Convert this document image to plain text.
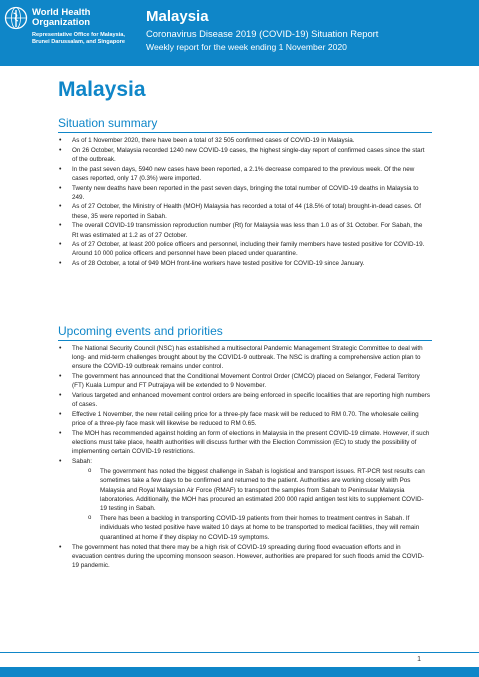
World Health Organization
Representative Office for Malaysia, Brunei Darussalam, and Singapore
Malaysia
Coronavirus Disease 2019 (COVID-19) Situation Report
Weekly report for the week ending 1 November 2020
Malaysia
Situation summary
• As of 1 November 2020, there have been a total of 32 505 confirmed cases of COVID-19 in Malaysia.
• On 26 October, Malaysia recorded 1240 new COVID-19 cases, the highest single-day report of confirmed cases since the start of the outbreak.
• In the past seven days, 5940 new cases have been reported, a 2.1% decrease compared to the previous week. Of the new cases reported, only 17 (0.3%) were imported.
• Twenty new deaths have been reported in the past seven days, bringing the total number of COVID-19 deaths in Malaysia to 249.
• As of 27 October, the Ministry of Health (MOH) Malaysia has recorded a total of 44 (18.5% of total) brought-in-dead cases. Of these, 35 were reported in Sabah.
• The overall COVID-19 transmission reproduction number (Rt) for Malaysia was less than 1.0 as of 31 October. For Sabah, the Rt was estimated at 1.2 as of 27 October.
• As of 27 October, at least 200 police officers and personnel, including their family members have tested positive for COVID-19. Around 10 000 police officers and personnel have been placed under quarantine.
• As of 28 October, a total of 949 MOH front-line workers have tested positive for COVID-19 since January.
Upcoming events and priorities
• The National Security Council (NSC) has established a multisectoral Pandemic Management Strategic Committee to deal with long- and mid-term challenges brought about by the COVID1-9 outbreak. The NSC is drafting a comprehensive action plan to ensure the COVID-19 outbreak remains under control.
• The government has announced that the Conditional Movement Control Order (CMCO) placed on Selangor, Federal Territory (FT) Kuala Lumpur and FT Putrajaya will be extended to 9 November.
• Various targeted and enhanced movement control orders are being enforced in specific localities that are reporting high numbers of cases.
• Effective 1 November, the new retail ceiling price for a three-ply face mask will be reduced to RM 0.70. The wholesale ceiling price of a three-ply face mask will likewise be reduced to RM 0.65.
• The MOH has recommended against holding an form of elections in Malaysia in the present COVID-19 climate. However, if such elections must take place, health authorities will discuss further with the Election Commission (EC) to study the possibility of implementing certain COVID-19 restrictions.
• Sabah:
o The government has noted the biggest challenge in Sabah is logistical and transport issues. RT-PCR test results can sometimes take a few days to be confirmed and returned to the patient. Authorities are working closely with Pos Malaysia and Royal Malaysian Air Force (RMAF) to transport the samples from Sabah to Peninsular Malaysia laboratories. Additionally, the MOH has procured an estimated 200 000 rapid antigen test kits to supplement COVID-19 testing in Sabah.
o There has been a backlog in transporting COVID-19 patients from their homes to treatment centres in Sabah. If individuals who tested positive have waited 10 days at home to be transported to medical facilities, they will remain quarantined at home if they display no COVID-19 symptoms.
• The government has noted that there may be a high risk of COVID-19 spreading during flood evacuation efforts and in evacuation centres during the upcoming monsoon season. However, authorities are prepared for such floods amid the COVID-19 pandemic.
1
